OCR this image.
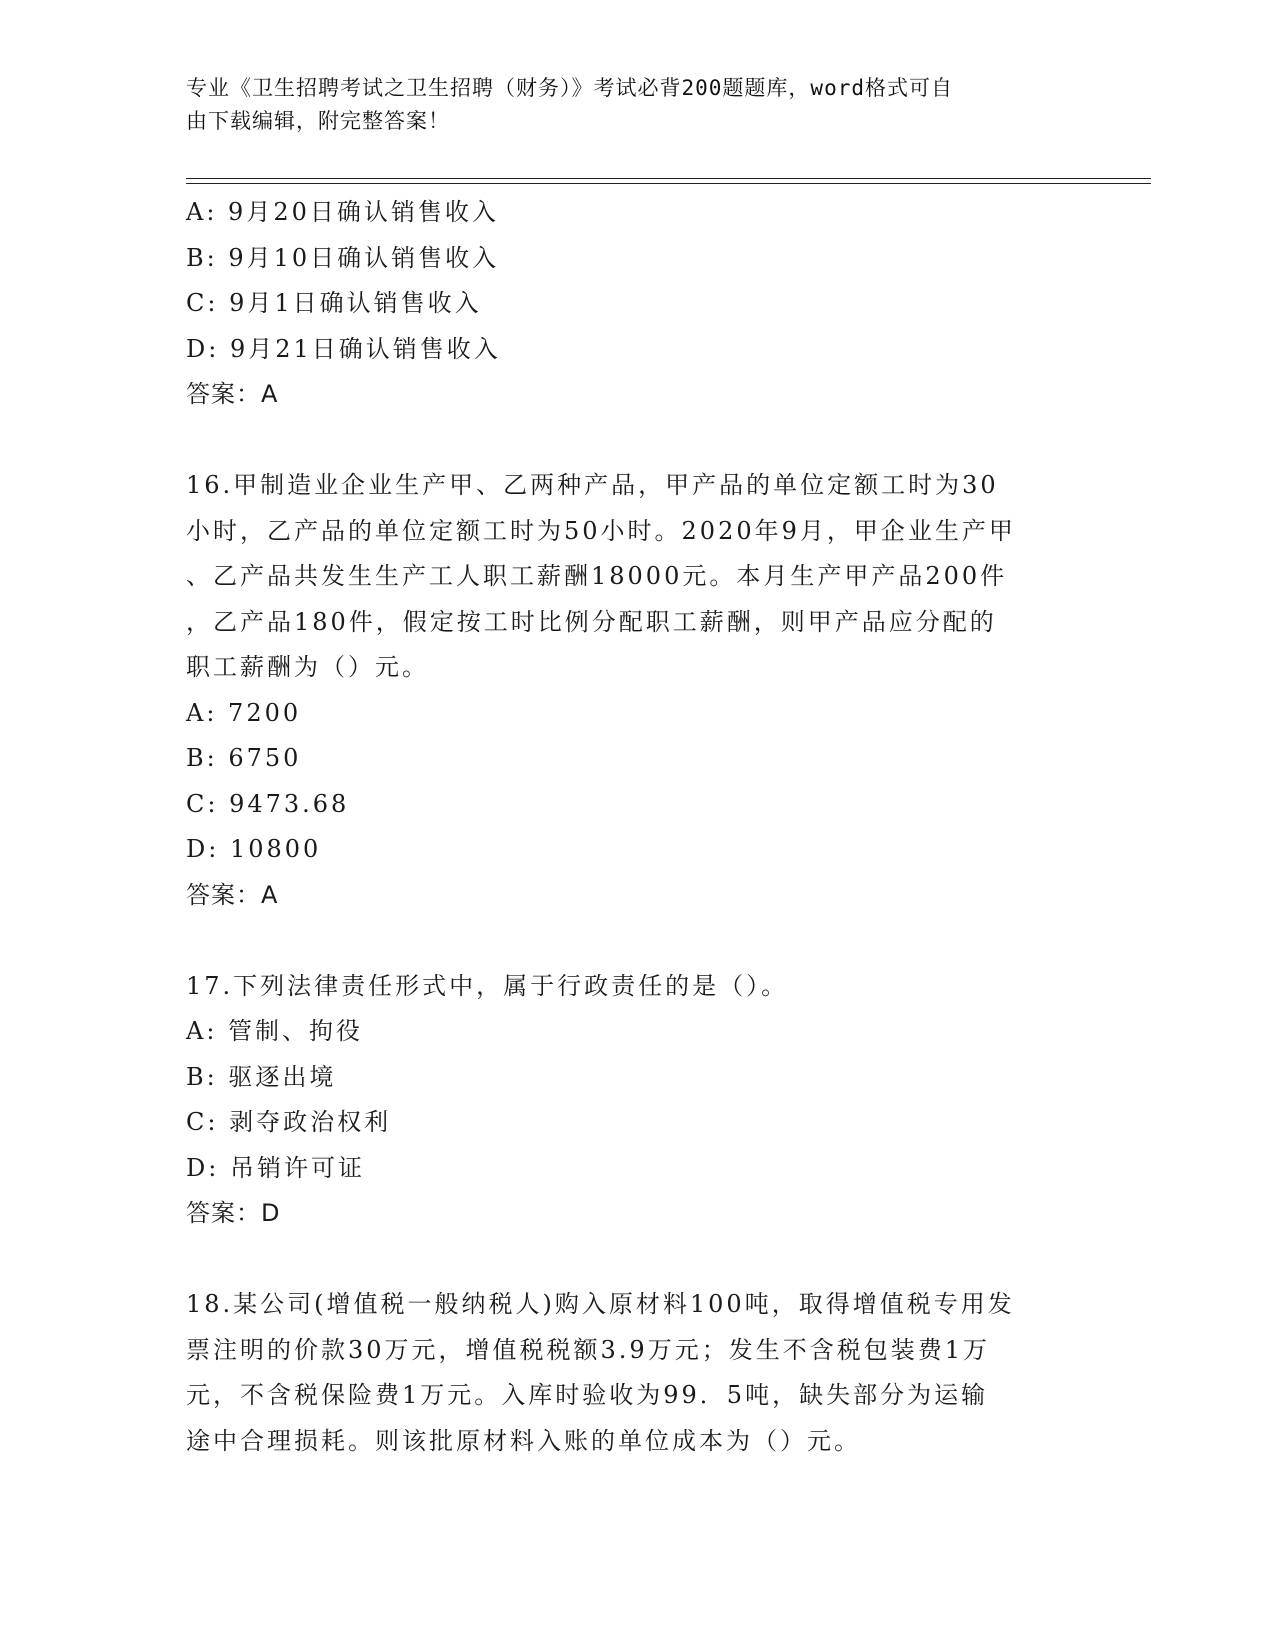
专业《卫生招聘考试之卫生招聘（财务）》考试必背200题题库，word格式可自
由下载编辑，附完整答案！
A: 9月20日确认销售收入
B: 9月10日确认销售收入
C: 9月1日确认销售收入
D: 9月21日确认销售收入
答案：A
16.甲制造业企业生产甲、乙两种产品，甲产品的单位定额工时为30
小时，乙产品的单位定额工时为50小时。2020年9月，甲企业生产甲
、乙产品共发生生产工人职工薪酬18000元。本月生产甲产品200件
，乙产品180件，假定按工时比例分配职工薪酬，则甲产品应分配的
职工薪酬为（）元。
A: 7200
B: 6750
C: 9473.68
D: 10800
答案：A
17.下列法律责任形式中，属于行政责任的是（）。
A: 管制、拘役
B: 驱逐出境
C: 剥夺政治权利
D: 吊销许可证
答案：D
18.某公司(增值税一般纳税人)购入原材料100吨，取得增值税专用发
票注明的价款30万元，增值税税额3.9万元；发生不含税包装费1万
元，不含税保险费1万元。入库时验收为99．5吨，缺失部分为运输
途中合理损耗。则该批原材料入账的单位成本为（）元。
